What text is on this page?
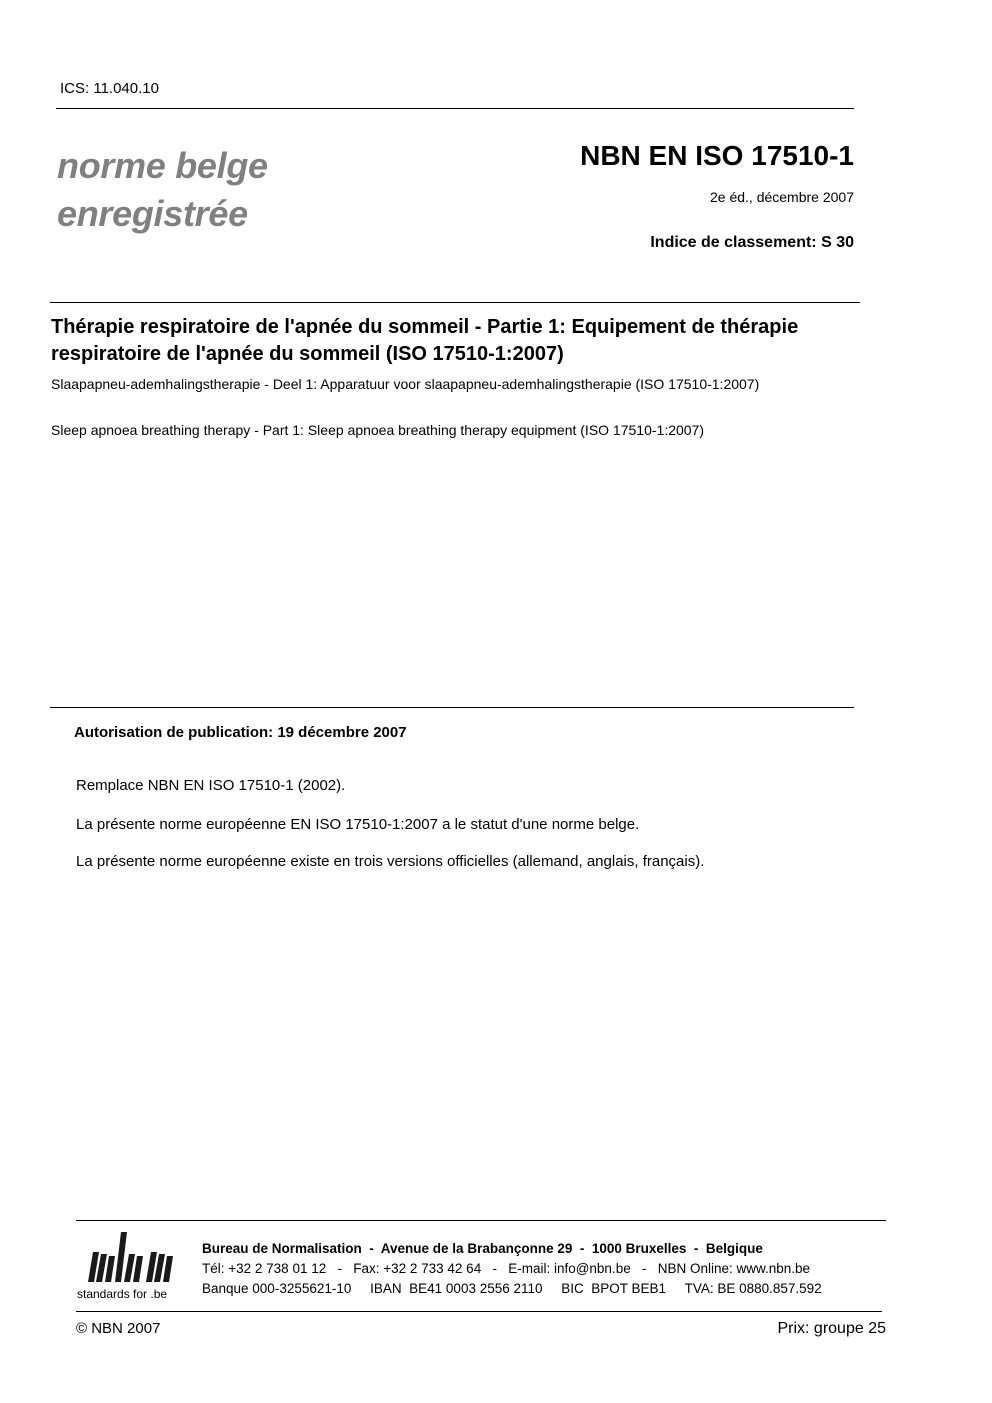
ICS: 11.040.10
norme belge
enregistrée
NBN EN ISO 17510-1
2e éd., décembre 2007
Indice de classement: S 30
Thérapie respiratoire de l'apnée du sommeil - Partie 1: Equipement de thérapie respiratoire de l'apnée du sommeil (ISO 17510-1:2007)
Slaapapneu-ademhalingstherapie - Deel 1: Apparatuur voor slaapapneu-ademhalingstherapie (ISO 17510-1:2007)
Sleep apnoea breathing therapy - Part 1: Sleep apnoea breathing therapy equipment (ISO 17510-1:2007)
Autorisation de publication: 19 décembre 2007
Remplace NBN EN ISO 17510-1 (2002).
La présente norme européenne EN ISO 17510-1:2007 a le statut d'une norme belge.
La présente norme européenne existe en trois versions officielles (allemand, anglais, français).
standards for .be
Bureau de Normalisation  -  Avenue de la Brabançonne 29  -  1000 Bruxelles  -  Belgique
Tél: +32 2 738 01 12   -   Fax: +32 2 733 42 64   -   E-mail: info@nbn.be   -   NBN Online: www.nbn.be
Banque 000-3255621-10     IBAN  BE41 0003 2556 2110     BIC  BPOT BEB1     TVA: BE 0880.857.592
© NBN 2007	Prix: groupe 25
